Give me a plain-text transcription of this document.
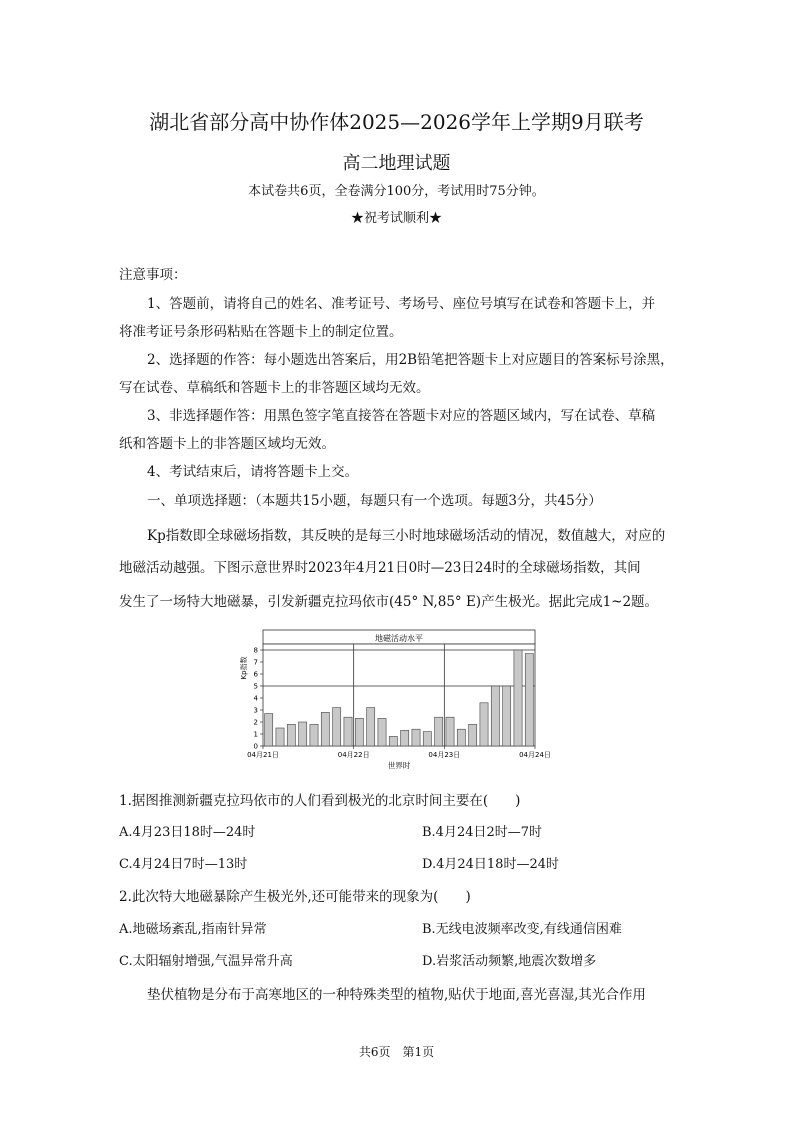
湖北省部分高中协作体2025—2026学年上学期9月联考
高二地理试题
本试卷共6页，全卷满分100分，考试用时75分钟。
★祝考试顺利★
注意事项：
1、答题前，请将自己的姓名、准考证号、考场号、座位号填写在试卷和答题卡上，并
将准考证号条形码粘贴在答题卡上的制定位置。
2、选择题的作答：每小题选出答案后，用2B铅笔把答题卡上对应题目的答案标号涂黑，
写在试卷、草稿纸和答题卡上的非答题区域均无效。
3、非选择题作答：用黑色签字笔直接答在答题卡对应的答题区域内，写在试卷、草稿
纸和答题卡上的非答题区域均无效。
4、考试结束后，请将答题卡上交。
一、单项选择题：（本题共15小题，每题只有一个选项。每题3分，共45分）
Kp指数即全球磁场指数，其反映的是每三小时地球磁场活动的情况，数值越大，对应的
地磁活动越强。下图示意世界时2023年4月21日0时—23日24时的全球磁场指数，其间
发生了一场特大地磁暴，引发新疆克拉玛依市(45° N,85° E)产生极光。据此完成1~2题。
地磁活动水平
0
1
2
3
4
5
6
7
8
04月21日	04月22日	04月23日	04月24日
Kp指数
世界时
1.据图推测新疆克拉玛依市的人们看到极光的北京时间主要在(　　)
A.4月23日18时—24时	B.4月24日2时—7时
C.4月24日7时—13时	D.4月24日18时—24时
2.此次特大地磁暴除产生极光外,还可能带来的现象为(　　)
A.地磁场紊乱,指南针异常	B.无线电波频率改变,有线通信困难
C.太阳辐射增强,气温异常升高	D.岩浆活动频繁,地震次数增多
垫伏植物是分布于高寒地区的一种特殊类型的植物,贴伏于地面,喜光喜湿,其光合作用
共6页　第1页
